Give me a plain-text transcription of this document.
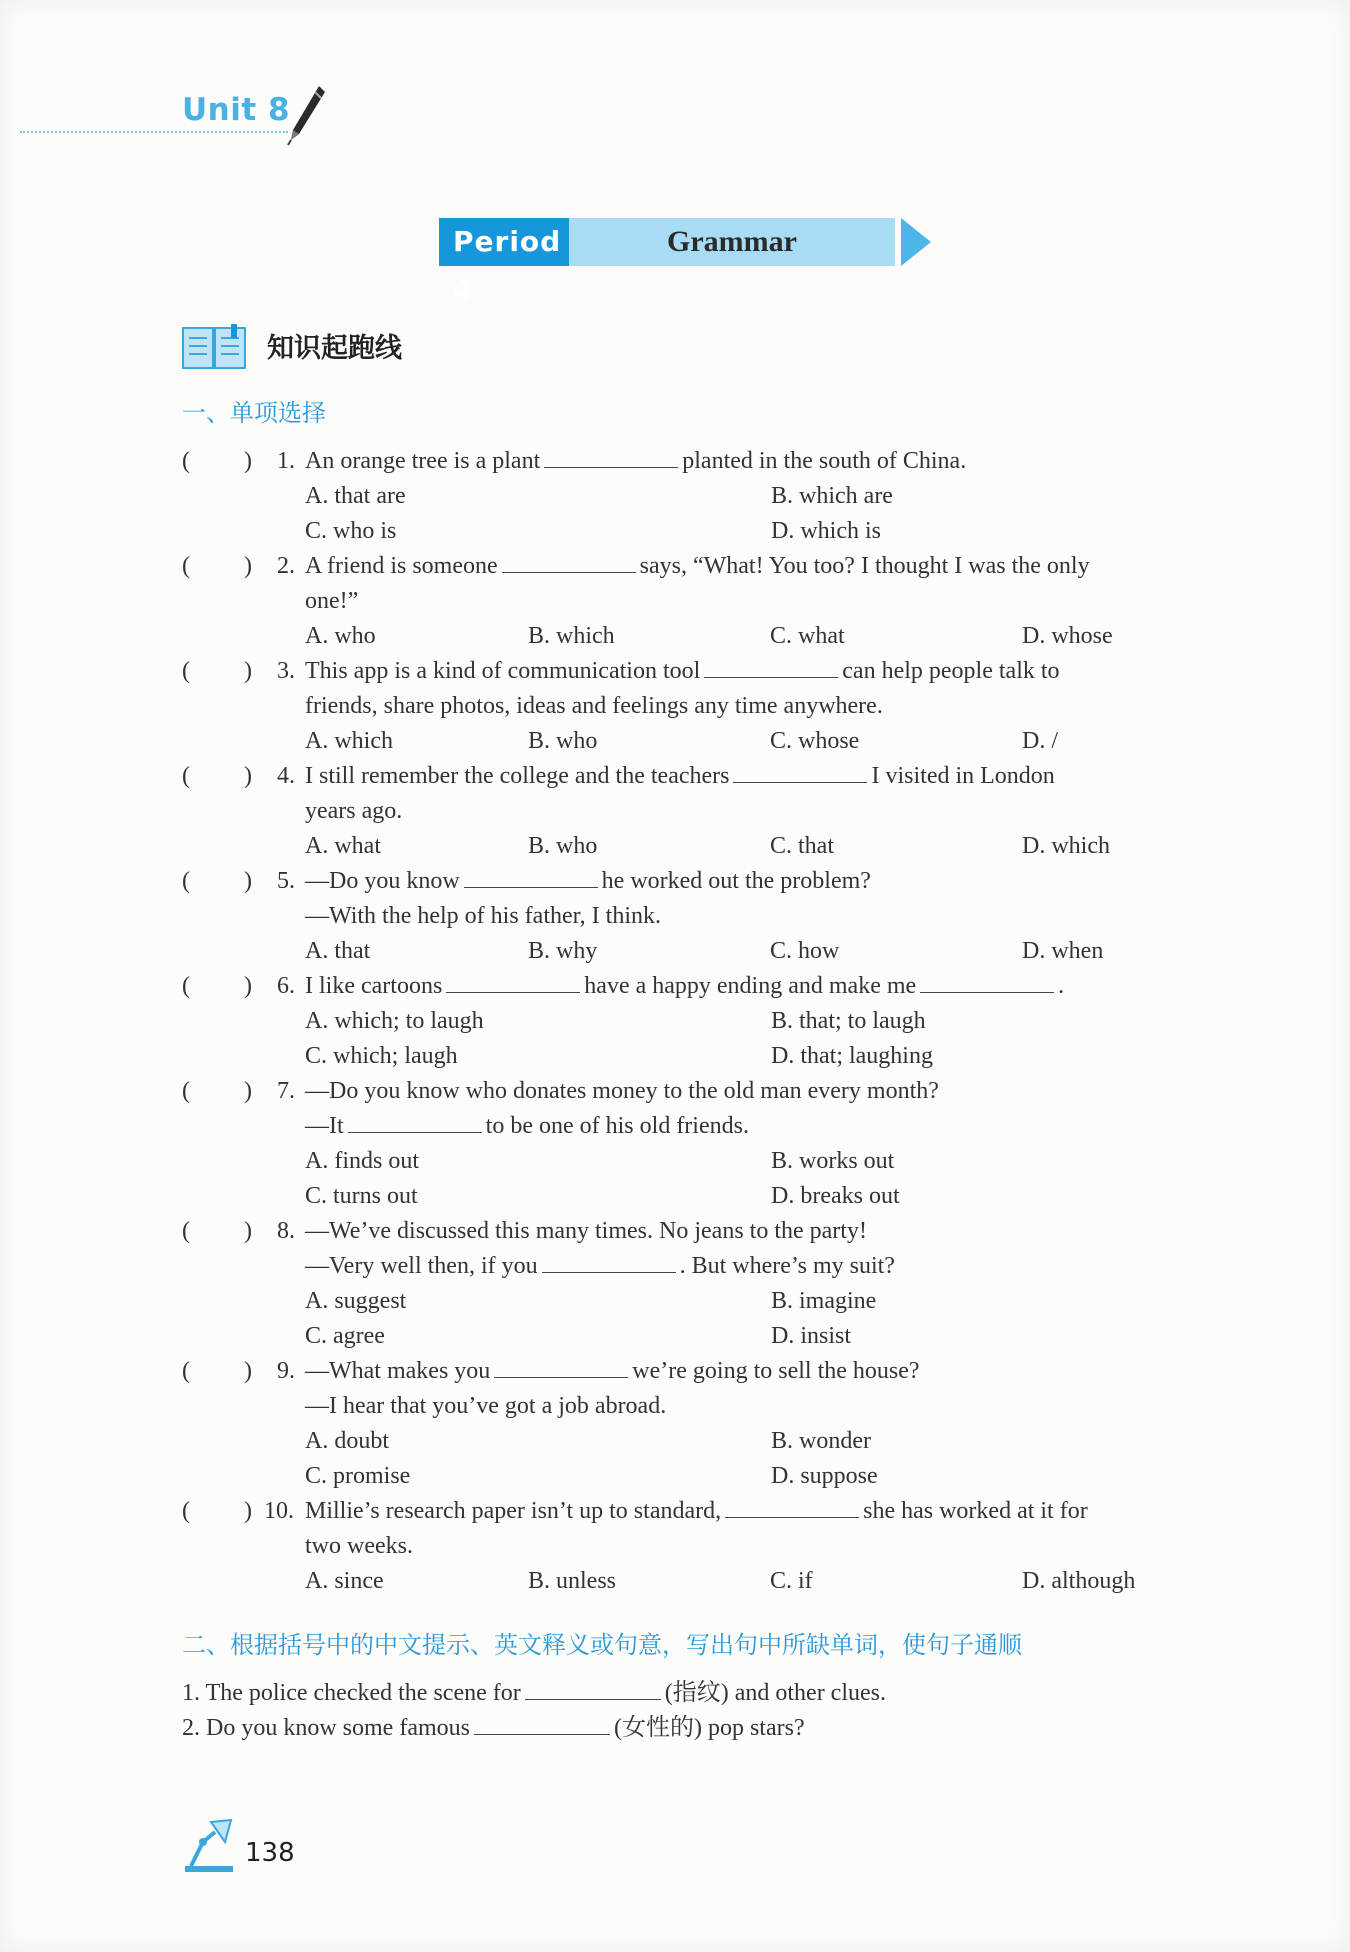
Unit 8
Period 4
Grammar
知识起跑线
一、单项选择
( ) 1. An orange tree is a plant	planted in the south of China.
A. that are	B. which are
C. who is	D. which is
( ) 2. A friend is someone	says, “What! You too? I thought I was the only
one!”
A. who	B. which	C. what	D. whose
( ) 3. This app is a kind of communication tool	can help people talk to
friends, share photos, ideas and feelings any time anywhere.
A. which	B. who	C. whose	D. /
( ) 4. I still remember the college and the teachers	I visited in London
years ago.
A. what	B. who	C. that	D. which
( ) 5. —Do you know	he worked out the problem?
—With the help of his father, I think.
A. that	B. why	C. how	D. when
( ) 6. I like cartoons	have a happy ending and make me	.
A. which; to laugh	B. that; to laugh
C. which; laugh	D. that; laughing
( ) 7. —Do you know who donates money to the old man every month?
—It	to be one of his old friends.
A. finds out	B. works out
C. turns out	D. breaks out
( ) 8. —We’ve discussed this many times. No jeans to the party!
—Very well then, if you	. But where’s my suit?
A. suggest	B. imagine
C. agree	D. insist
( ) 9. —What makes you	we’re going to sell the house?
—I hear that you’ve got a job abroad.
A. doubt	B. wonder
C. promise	D. suppose
( ) 10. Millie’s research paper isn’t up to standard,	she has worked at it for
two weeks.
A. since	B. unless	C. if	D. although
二、根据括号中的中文提示、英文释义或句意，写出句中所缺单词，使句子通顺
1. The police checked the scene for	(指纹) and other clues.
2. Do you know some famous	(女性的) pop stars?
138
